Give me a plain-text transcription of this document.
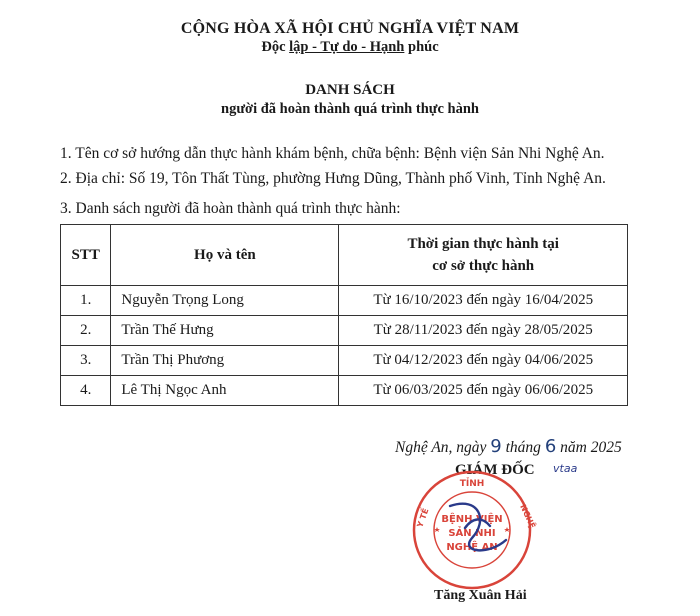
CỘNG HÒA XÃ HỘI CHỦ NGHĨA VIỆT NAM
Độc lập - Tự do - Hạnh phúc
DANH SÁCH
người đã hoàn thành quá trình thực hành
1. Tên cơ sở hướng dẫn thực hành khám bệnh, chữa bệnh: Bệnh viện Sản Nhi Nghệ An.
2. Địa chỉ: Số 19, Tôn Thất Tùng, phường Hưng Dũng, Thành phố Vinh, Tỉnh Nghệ An.
3. Danh sách người đã hoàn thành quá trình thực hành:
STT	Họ và tên	Thời gian thực hành tại
cơ sở thực hành
1.	Nguyễn Trọng Long	Từ 16/10/2023 đến ngày 16/04/2025
2.	Trần Thế Hưng	Từ 28/11/2023 đến ngày 28/05/2025
3.	Trần Thị Phương	Từ 04/12/2023 đến ngày 04/06/2025
4.	Lê Thị Ngọc Anh	Từ 06/03/2025 đến ngày 06/06/2025
Nghệ An, ngày 9 tháng 6 năm 2025
GIÁM ĐỐC vtaa
TỈNH
Y TẾ	NGHỆ
BỆNH VIỆN
SẢN NHI
NGHỆ AN
Tăng Xuân Hải
